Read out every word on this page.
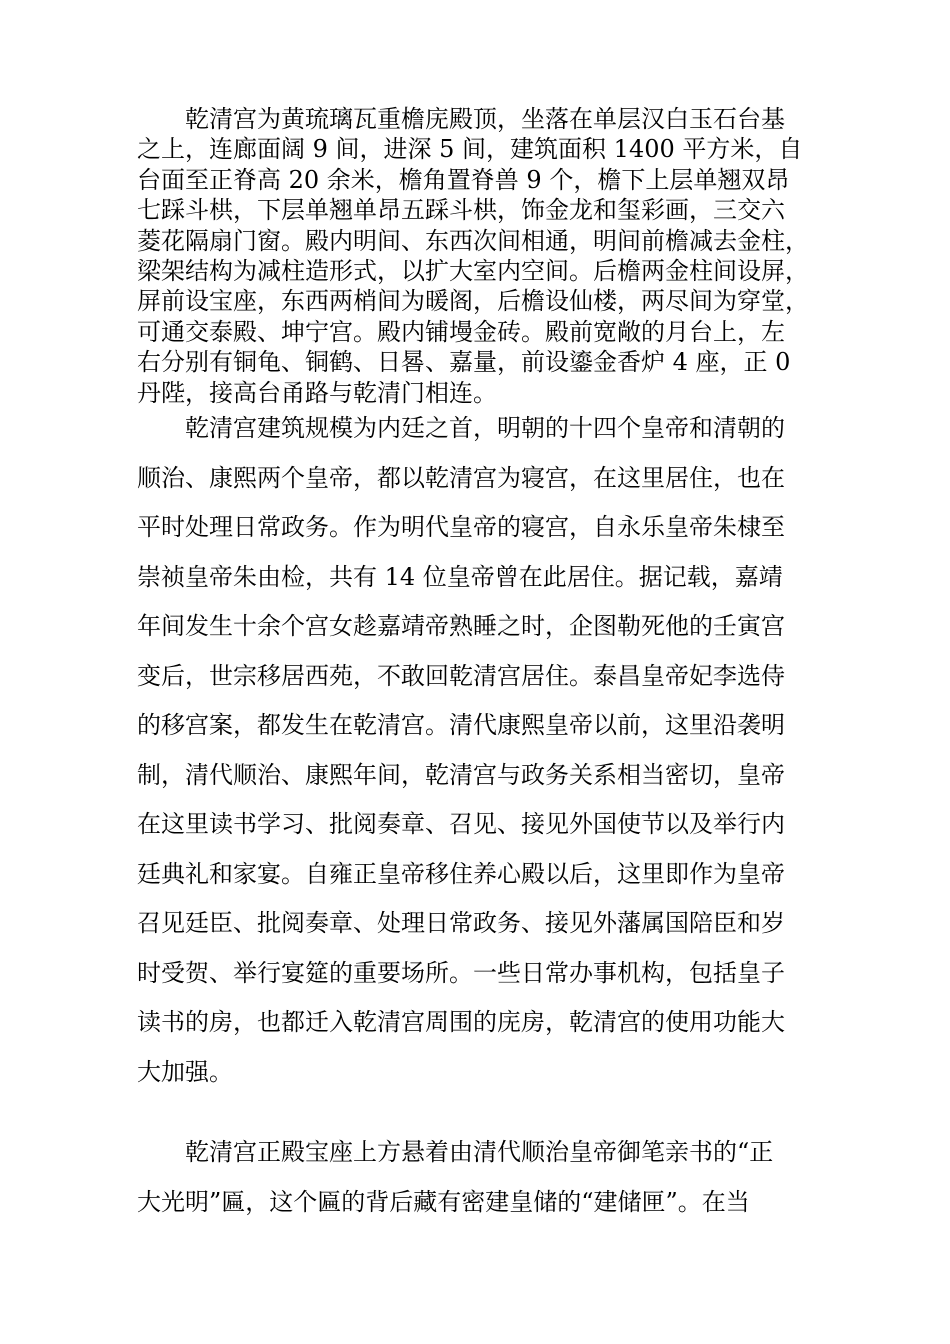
乾清宫为黄琉璃瓦重檐庑殿顶，坐落在单层汉白玉石台基
之上，连廊面阔 9 间，进深 5 间，建筑面积 1400 平方米，自
台面至正脊高 20 余米，檐角置脊兽 9 个，檐下上层单翘双昂
七踩斗栱，下层单翘单昂五踩斗栱，饰金龙和玺彩画，三交六
菱花隔扇门窗。殿内明间、东西次间相通，明间前檐减去金柱，
梁架结构为减柱造形式，以扩大室内空间。后檐两金柱间设屏，
屏前设宝座，东西两梢间为暖阁，后檐设仙楼，两尽间为穿堂，
可通交泰殿、坤宁宫。殿内铺墁金砖。殿前宽敞的月台上，左
右分别有铜龟、铜鹤、日晷、嘉量，前设鎏金香炉 4 座，正 0
丹陛，接高台甬路与乾清门相连。
乾清宫建筑规模为内廷之首，明朝的十四个皇帝和清朝的
顺治、康熙两个皇帝，都以乾清宫为寝宫，在这里居住，也在
平时处理日常政务。作为明代皇帝的寝宫，自永乐皇帝朱棣至
崇祯皇帝朱由检，共有 14 位皇帝曾在此居住。据记载，嘉靖
年间发生十余个宫女趁嘉靖帝熟睡之时，企图勒死他的壬寅宫
变后，世宗移居西苑，不敢回乾清宫居住。泰昌皇帝妃李选侍
的移宫案，都发生在乾清宫。清代康熙皇帝以前，这里沿袭明
制，清代顺治、康熙年间，乾清宫与政务关系相当密切，皇帝
在这里读书学习、批阅奏章、召见、接见外国使节以及举行内
廷典礼和家宴。自雍正皇帝移住养心殿以后，这里即作为皇帝
召见廷臣、批阅奏章、处理日常政务、接见外藩属国陪臣和岁
时受贺、举行宴筵的重要场所。一些日常办事机构，包括皇子
读书的房，也都迁入乾清宫周围的庑房，乾清宫的使用功能大
大加强。
乾清宫正殿宝座上方悬着由清代顺治皇帝御笔亲书的“正
大光明”匾，这个匾的背后藏有密建皇储的“建储匣”。在当
